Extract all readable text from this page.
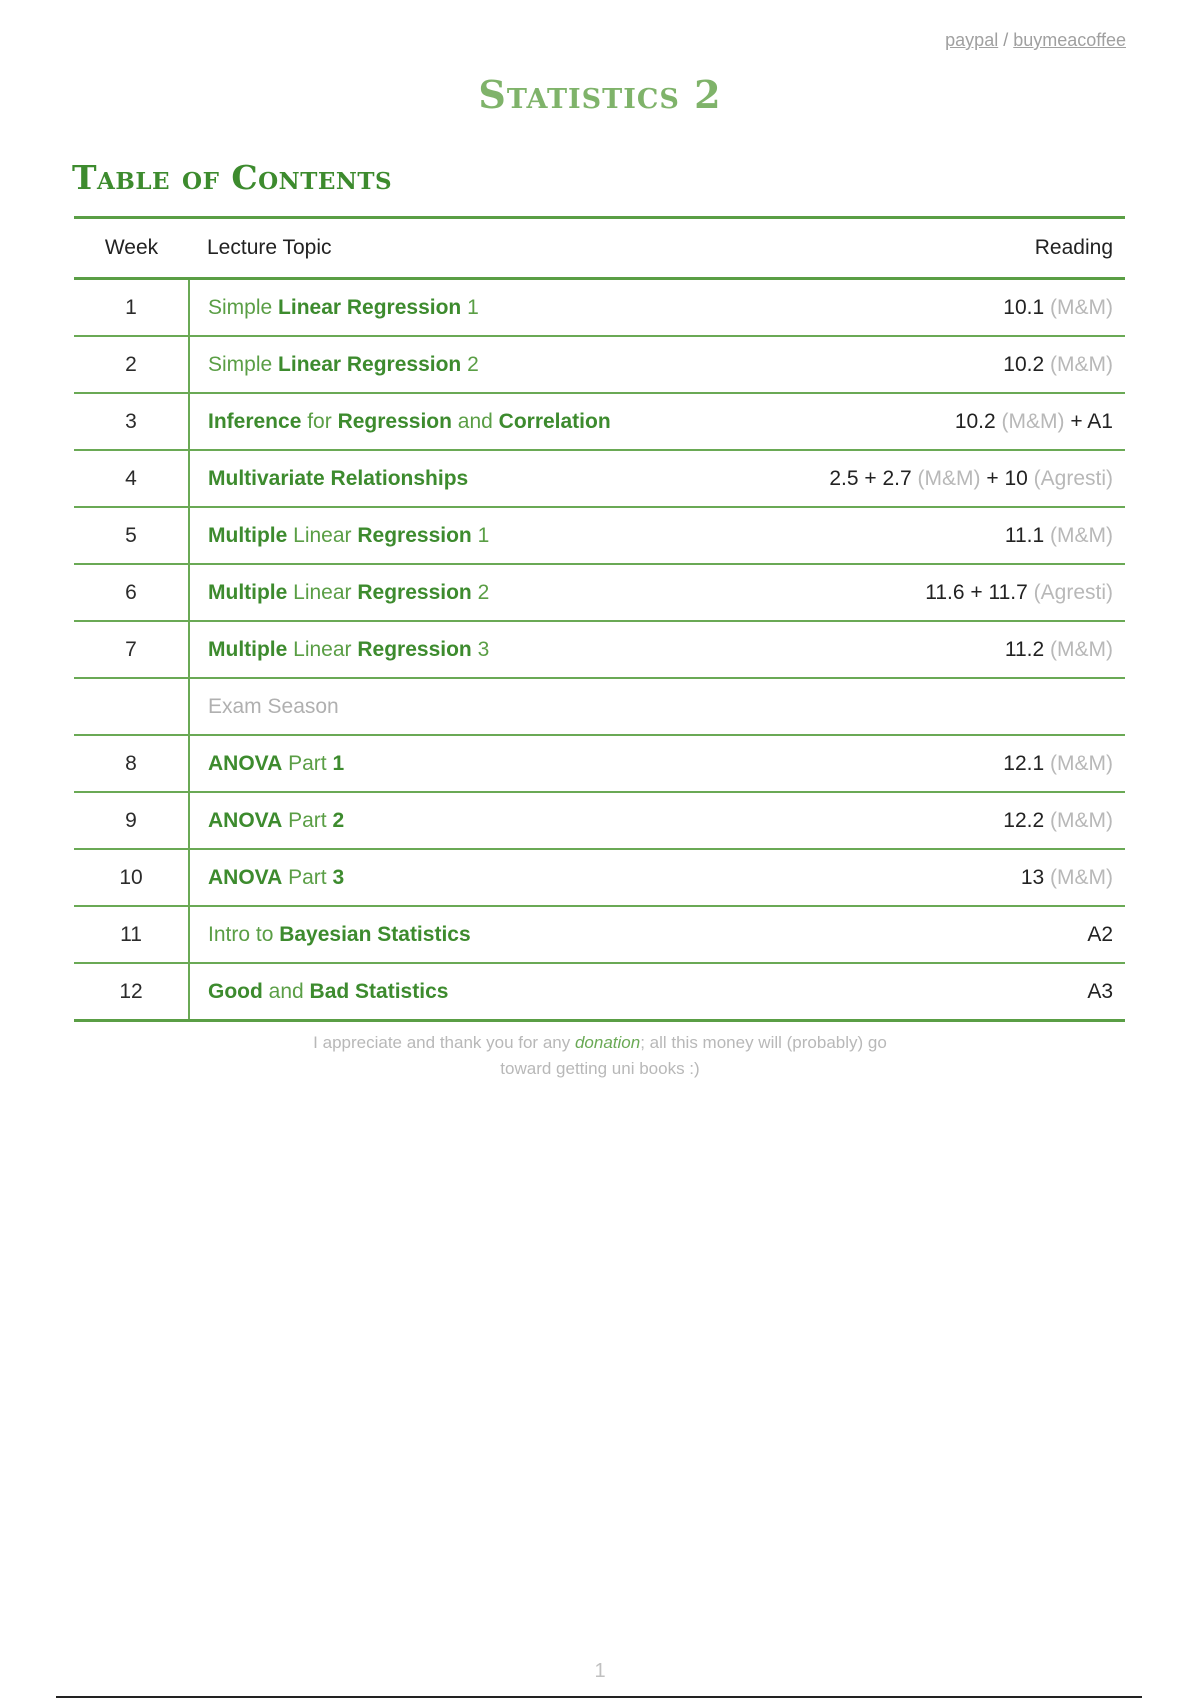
paypal / buymeacoffee
Statistics 2
Table of Contents
Week	Lecture Topic	Reading
1	Simple Linear Regression 1	10.1 (M&M)
2	Simple Linear Regression 2	10.2 (M&M)
3	Inference for Regression and Correlation	10.2 (M&M) + A1
4	Multivariate Relationships	2.5 + 2.7 (M&M) + 10 (Agresti)
5	Multiple Linear Regression 1	11.1 (M&M)
6	Multiple Linear Regression 2	11.6 + 11.7 (Agresti)
7	Multiple Linear Regression 3	11.2 (M&M)
	Exam Season	
8	ANOVA Part 1	12.1 (M&M)
9	ANOVA Part 2	12.2 (M&M)
10	ANOVA Part 3	13 (M&M)
11	Intro to Bayesian Statistics	A2
12	Good and Bad Statistics	A3
I appreciate and thank you for any donation; all this money will (probably) go
toward getting uni books :)
1
